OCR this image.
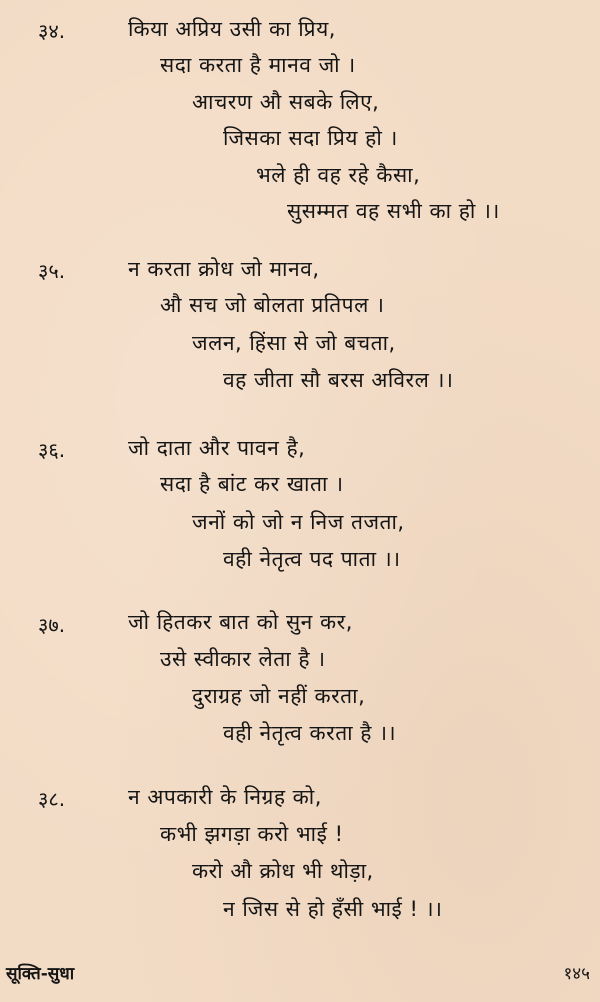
३४.	किया अप्रिय उसी का प्रिय,
सदा करता है मानव जो ।
आचरण औ सबके लिए,
जिसका सदा प्रिय हो ।
भले ही वह रहे कैसा,
सुसम्मत वह सभी का हो ।।
३५.	न करता क्रोध जो मानव,
औ सच जो बोलता प्रतिपल ।
जलन, हिंसा से जो बचता,
वह जीता सौ बरस अविरल ।।
३६.	जो दाता और पावन है,
सदा है बांट कर खाता ।
जनों को जो न निज तजता,
वही नेतृत्व पद पाता ।।
३७.	जो हितकर बात को सुन कर,
उसे स्वीकार लेता है ।
दुराग्रह जो नहीं करता,
वही नेतृत्व करता है ।।
३८.	न अपकारी के निग्रह को,
कभी झगड़ा करो भाई !
करो औ क्रोध भी थोड़ा,
न जिस से हो हँसी भाई ! ।।
सूक्ति-सुधा	१४५
